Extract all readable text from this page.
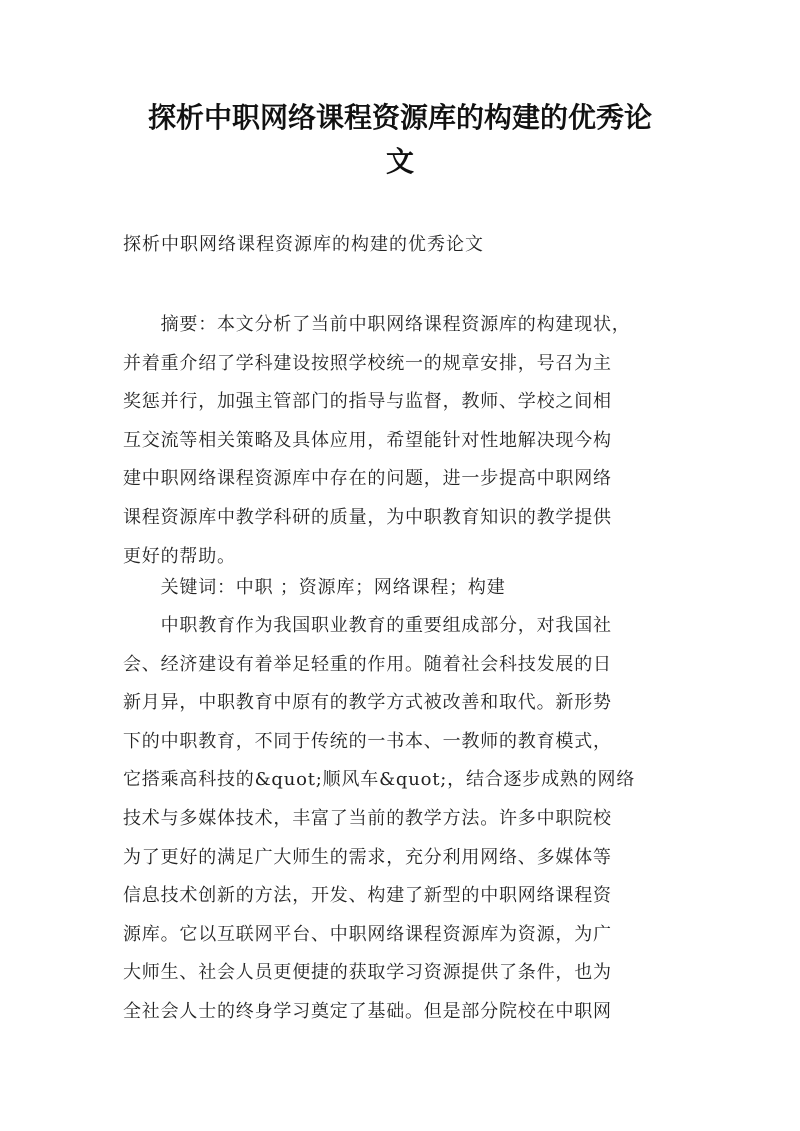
探析中职网络课程资源库的构建的优秀论
文

探析中职网络课程资源库的构建的优秀论文

　　摘要：本文分析了当前中职网络课程资源库的构建现状，
并着重介绍了学科建设按照学校统一的规章安排，号召为主
奖惩并行，加强主管部门的指导与监督，教师、学校之间相
互交流等相关策略及具体应用，希望能针对性地解决现今构
建中职网络课程资源库中存在的问题，进一步提高中职网络
课程资源库中教学科研的质量，为中职教育知识的教学提供
更好的帮助。
　　关键词：中职 ；资源库；网络课程；构建
　　中职教育作为我国职业教育的重要组成部分，对我国社
会、经济建设有着举足轻重的作用。随着社会科技发展的日
新月异，中职教育中原有的教学方式被改善和取代。新形势
下的中职教育，不同于传统的一书本、一教师的教育模式，
它搭乘高科技的&quot;顺风车&quot;，结合逐步成熟的网络
技术与多媒体技术，丰富了当前的教学方法。许多中职院校
为了更好的满足广大师生的需求，充分利用网络、多媒体等
信息技术创新的方法，开发、构建了新型的中职网络课程资
源库。它以互联网平台、中职网络课程资源库为资源，为广
大师生、社会人员更便捷的获取学习资源提供了条件，也为
全社会人士的终身学习奠定了基础。但是部分院校在中职网
